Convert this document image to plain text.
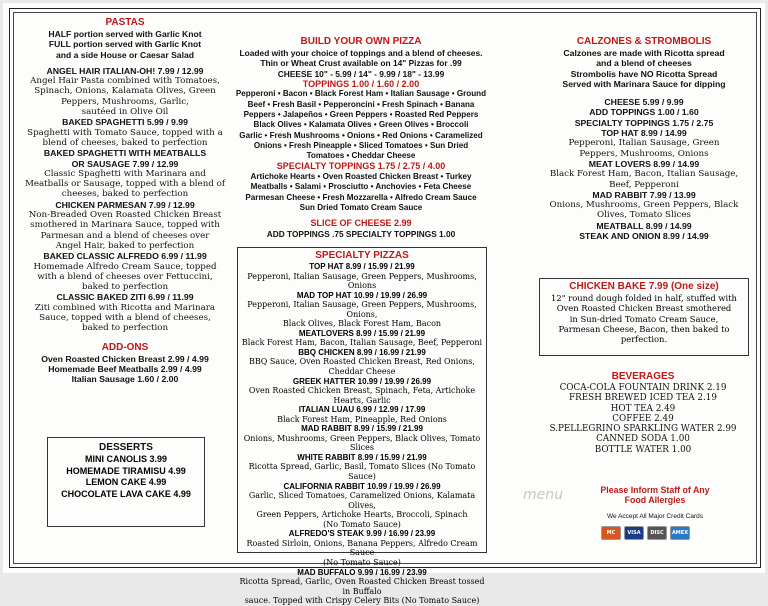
PASTAS

HALF portion served with Garlic Knot

FULL portion served with Garlic Knot

and a side House or Caesar Salad

ANGEL HAIR ITALIAN-OH! 7.99 / 12.99

Angel Hair Pasta combined with Tomatoes,

Spinach, Onions, Kalamata Olives, Green

Peppers, Mushrooms, Garlic,

sautéed in Olive Oil

BAKED SPAGHETTI 5.99 / 9.99

Spaghetti with Tomato Sauce, topped with a

blend of cheeses, baked to perfection

BAKED SPAGHETTI WITH MEATBALLS

OR SAUSAGE 7.99 / 12.99

Classic Spaghetti with Marinara and

Meatballs or Sausage, topped with a blend of

cheeses, baked to perfection

CHICKEN PARMESAN 7.99 / 12.99

Non-Breaded Oven Roasted Chicken Breast

smothered in Marinara Sauce, topped with

Parmesan and a blend of cheeses over

Angel Hair, baked to perfection

BAKED CLASSIC ALFREDO 6.99 / 11.99

Homemade Alfredo Cream Sauce, topped

with a blend of cheeses over Fettuccini,

baked to perfection

CLASSIC BAKED ZITI 6.99 / 11.99

Ziti combined with Ricotta and Marinara

Sauce, topped with a blend of cheeses,

baked to perfection

ADD-ONS

Oven Roasted Chicken Breast 2.99 / 4.99

Homemade Beef Meatballs 2.99 / 4.99

Italian Sausage 1.60 / 2.00

DESSERTS

MINI CANOLIS 3.99

HOMEMADE TIRAMISU 4.99

LEMON CAKE 4.99

CHOCOLATE LAVA CAKE 4.99

BUILD YOUR OWN PIZZA

Loaded with your choice of toppings and a blend of cheeses.

Thin or Wheat Crust available on 14" Pizzas for .99

CHEESE 10" - 5.99 / 14" - 9.99 / 18" - 13.99

TOPPINGS 1.00 / 1.60 / 2.00

Pepperoni • Bacon • Black Forest Ham • Italian Sausage • Ground

Beef • Fresh Basil • Pepperoncini • Fresh Spinach • Banana

Peppers • Jalapeños • Green Peppers • Roasted Red Peppers

Black Olives • Kalamata Olives • Green Olives • Broccoli

Garlic • Fresh Mushrooms • Onions • Red Onions • Caramelized

Onions • Fresh Pineapple • Sliced Tomatoes • Sun Dried

Tomatoes • Cheddar Cheese

SPECIALTY TOPPINGS 1.75 / 2.75 / 4.00

Artichoke Hearts • Oven Roasted Chicken Breast • Turkey

Meatballs • Salami • Prosciutto • Anchovies • Feta Cheese

Parmesan Cheese • Fresh Mozzarella • Alfredo Cream Sauce

Sun Dried Tomato Cream Sauce

SLICE OF CHEESE 2.99
ADD TOPPINGS .75 SPECIALTY TOPPINGS 1.00
SPECIALTY PIZZAS

TOP HAT 8.99 / 15.99 / 21.99

Pepperoni, Italian Sausage, Green Peppers, Mushrooms, Onions

MAD TOP HAT 10.99 / 19.99 / 26.99

Pepperoni, Italian Sausage, Green Peppers, Mushrooms, Onions,

Black Olives, Black Forest Ham, Bacon

MEATLOVERS 8.99 / 15.99 / 21.99

Black Forest Ham, Bacon, Italian Sausage, Beef, Pepperoni

BBQ CHICKEN 8.99 / 16.99 / 21.99

BBQ Sauce, Oven Roasted Chicken Breast, Red Onions,

Cheddar Cheese

GREEK HATTER 10.99 / 19.99 / 26.99

Oven Roasted Chicken Breast, Spinach, Feta, Artichoke Hearts, Garlic

ITALIAN LUAU 6.99 / 12.99 / 17.99

Black Forest Ham, Pineapple, Red Onions

MAD RABBIT 8.99 / 15.99 / 21.99

Onions, Mushrooms, Green Peppers, Black Olives, Tomato Slices

WHITE RABBIT 8.99 / 15.99 / 21.99

Ricotta Spread, Garlic, Basil, Tomato Slices (No Tomato Sauce)

CALIFORNIA RABBIT 10.99 / 19.99 / 26.99

Garlic, Sliced Tomatoes, Caramelized Onions, Kalamata Olives,

Green Peppers, Artichoke Hearts, Broccoli, Spinach

(No Tomato Sauce)

ALFREDO'S STEAK 9.99 / 16.99 / 23.99

Roasted Sirloin, Onions, Banana Peppers, Alfredo Cream Sauce

(No Tomato Sauce)

MAD BUFFALO 9.99 / 16.99 / 23.99

Ricotta Spread, Garlic, Oven Roasted Chicken Breast tossed in Buffalo

sauce. Topped with Crispy Celery Bits (No Tomato Sauce)

CALZONES & STROMBOLIS

Calzones are made with Ricotta spread

and a blend of cheeses

Strombolis have NO Ricotta Spread

Served with Marinara Sauce for dipping

CHEESE 5.99 / 9.99

ADD TOPPINGS 1.00 / 1.60

SPECIALTY TOPPINGS 1.75 / 2.75

TOP HAT 8.99 / 14.99

Pepperoni, Italian Sausage, Green

Peppers, Mushrooms, Onions

MEAT LOVERS 8.99 / 14.99

Black Forest Ham, Bacon, Italian Sausage,

Beef, Pepperoni

MAD RABBIT 7.99 / 13.99

Onions, Mushrooms, Green Peppers, Black

Olives, Tomato Slices

MEATBALL 8.99 / 14.99

STEAK AND ONION 8.99 / 14.99

CHICKEN BAKE 7.99 (One size)

12" round dough folded in half, stuffed with

Oven Roasted Chicken Breast smothered

in Sun-dried Tomato Cream Sauce,

Parmesan Cheese, Bacon, then baked to

perfection.

BEVERAGES

COCA-COLA FOUNTAIN DRINK 2.19

FRESH BREWED ICED TEA 2.19

HOT TEA 2.49

COFFEE 2.49

S.PELLEGRINO SPARKLING WATER 2.99

CANNED SODA 1.00

BOTTLE WATER 1.00

menu	Please Inform Staff of Any

Food Allergies

We Accept All Major Credit Cards
MC	VISA	DISC	AMEX
